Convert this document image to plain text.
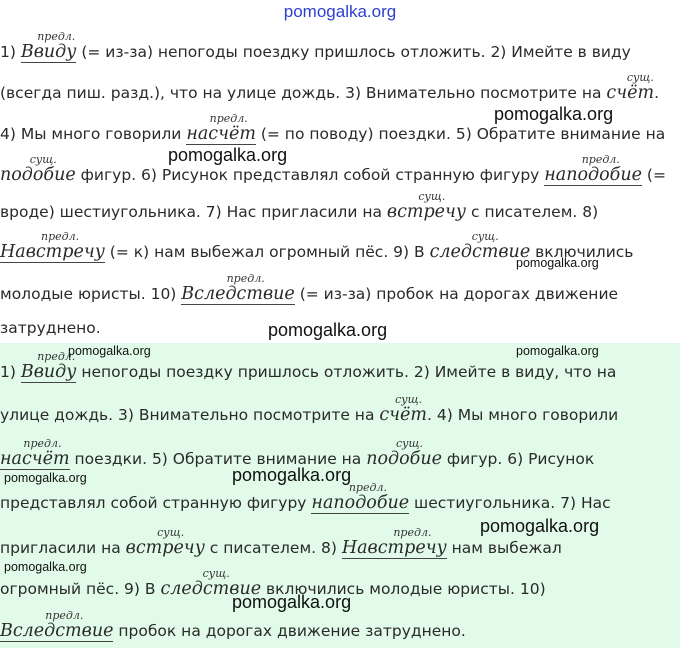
pomogalka.org
1)
предл.
Ввиду (= из-за) непогоды поездку пришлось отложить. 2) Имейте в виду
(всегда пиш. разд.), что на улице дождь. 3) Внимательно посмотрите на
сущ.
счёт.
4) Мы много говорили
предл.
насчёт (= по поводу) поездки. 5) Обратите внимание на
сущ.
подобие фигур. 6) Рисунок представлял собой странную фигуру
предл.
наподобие (=
вроде) шестиугольника. 7) Нас пригласили на
сущ.
встречу с писателем. 8)
предл.
Навстречу (= к) нам выбежал огромный пёс. 9) В
сущ.
следствие включились
молодые юристы. 10)
предл.
Вследствие (= из-за) пробок на дорогах движение
затруднено.
1)
предл.
Ввиду непогоды поездку пришлось отложить. 2) Имейте в виду, что на
улице дождь. 3) Внимательно посмотрите на
сущ.
счёт. 4) Мы много говорили
предл.
насчёт поездки. 5) Обратите внимание на
сущ.
подобие фигур. 6) Рисунок
представлял собой странную фигуру
предл.
наподобие шестиугольника. 7) Нас
пригласили на
сущ.
встречу с писателем. 8)
предл.
Навстречу нам выбежал
огромный пёс. 9) В
сущ.
следствие включились молодые юристы. 10)
предл.
Вследствие пробок на дорогах движение затруднено.
pomogalka.org
pomogalka.org
pomogalka.org
pomogalka.org
pomogalka.org	pomogalka.org
pomogalka.org
pomogalka.org
pomogalka.org
pomogalka.org
pomogalka.org
